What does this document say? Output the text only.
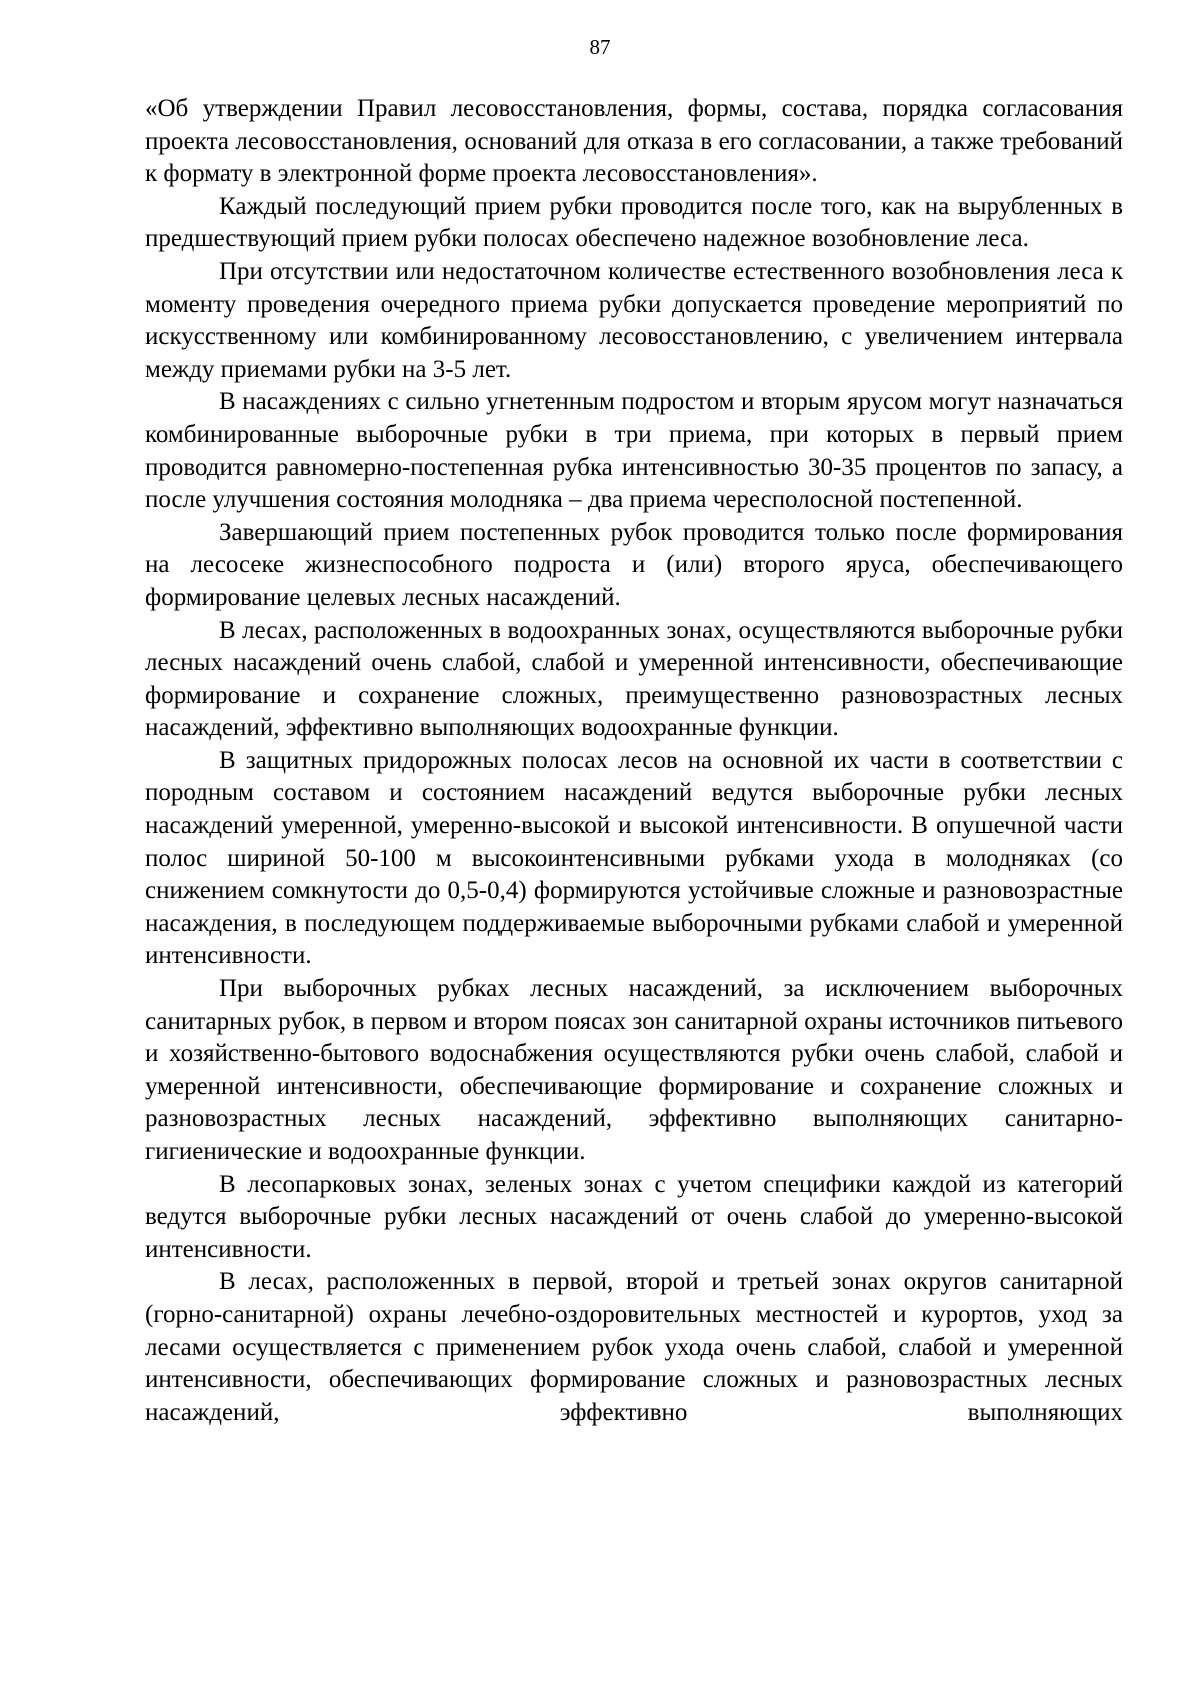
87

«Об утверждении Правил лесовосстановления, формы, состава, порядка согласования проекта лесовосстановления, оснований для отказа в его согласовании, а также требований к формату в электронной форме проекта лесовосстановления».

Каждый последующий прием рубки проводится после того, как на вырубленных в предшествующий прием рубки полосах обеспечено надежное возобновление леса.

При отсутствии или недостаточном количестве естественного возобновления леса к моменту проведения очередного приема рубки допускается проведение мероприятий по искусственному или комбинированному лесовосстановлению, с увеличением интервала между приемами рубки на 3-5 лет.

В насаждениях с сильно угнетенным подростом и вторым ярусом могут назначаться комбинированные выборочные рубки в три приема, при которых в первый прием проводится равномерно-постепенная рубка интенсивностью 30-35 процентов по запасу, а после улучшения состояния молодняка – два приема чересполосной постепенной.

Завершающий прием постепенных рубок проводится только после формирования на лесосеке жизнеспособного подроста и (или) второго яруса, обеспечивающего формирование целевых лесных насаждений.

В лесах, расположенных в водоохранных зонах, осуществляются выборочные рубки лесных насаждений очень слабой, слабой и умеренной интенсивности, обеспечивающие формирование и сохранение сложных, преимущественно разновозрастных лесных насаждений, эффективно выполняющих водоохранные функции.

В защитных придорожных полосах лесов на основной их части в соответствии с породным составом и состоянием насаждений ведутся выборочные рубки лесных насаждений умеренной, умеренно-высокой и высокой интенсивности. В опушечной части полос шириной 50-100 м высокоинтенсивными рубками ухода в молодняках (со снижением сомкнутости до 0,5-0,4) формируются устойчивые сложные и разновозрастные насаждения, в последующем поддерживаемые выборочными рубками слабой и умеренной интенсивности.

При выборочных рубках лесных насаждений, за исключением выборочных санитарных рубок, в первом и втором поясах зон санитарной охраны источников питьевого и хозяйственно-бытового водоснабжения осуществляются рубки очень слабой, слабой и умеренной интенсивности, обеспечивающие формирование и сохранение сложных и разновозрастных лесных насаждений, эффективно выполняющих санитарно-гигиенические и водоохранные функции.

В лесопарковых зонах, зеленых зонах с учетом специфики каждой из категорий ведутся выборочные рубки лесных насаждений от очень слабой до умеренно-высокой интенсивности.

В лесах, расположенных в первой, второй и третьей зонах округов санитарной (горно-санитарной) охраны лечебно-оздоровительных местностей и курортов, уход за лесами осуществляется с применением рубок ухода очень слабой, слабой и умеренной интенсивности, обеспечивающих формирование сложных и разновозрастных лесных насаждений, эффективно выполняющих
